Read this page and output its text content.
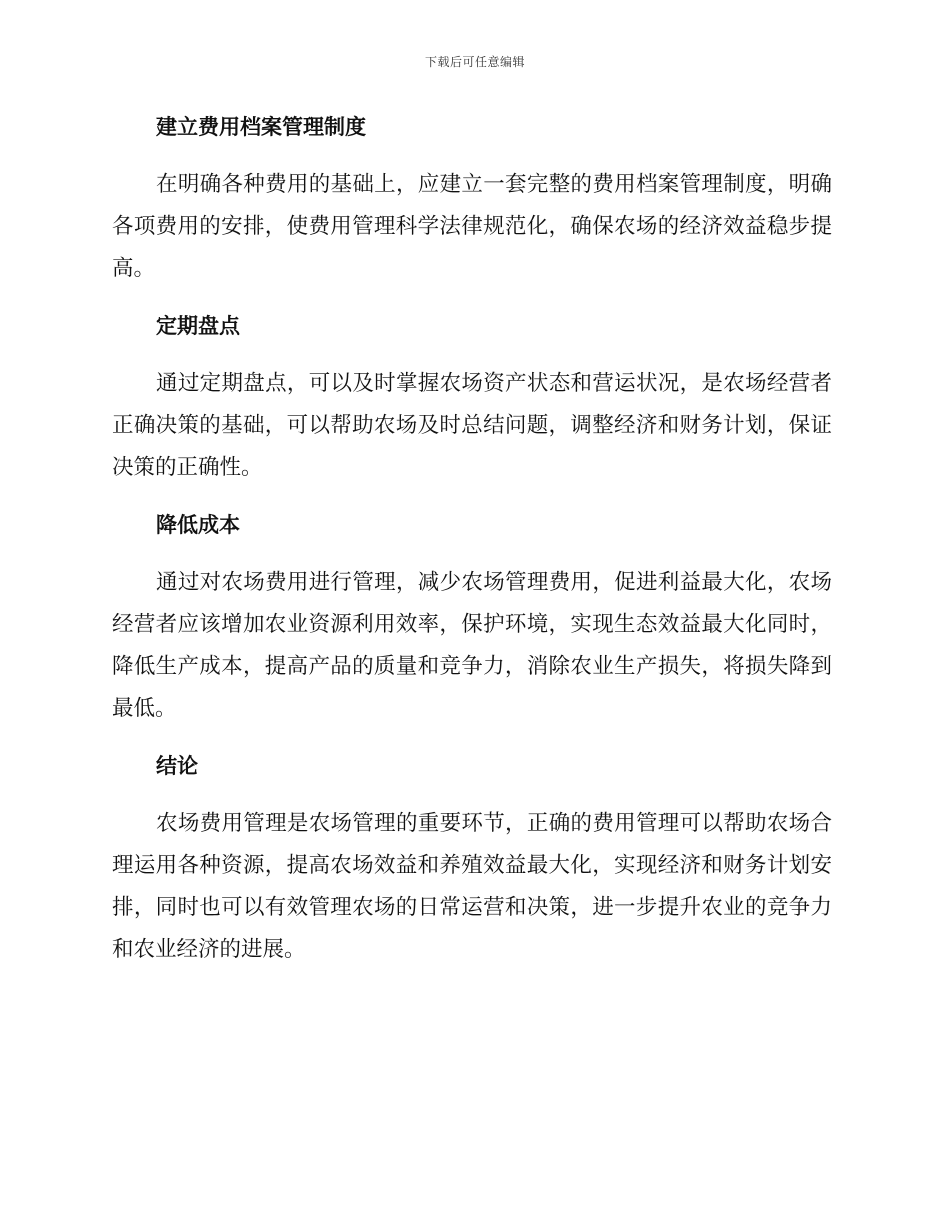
下载后可任意编辑
建立费用档案管理制度

在明确各种费用的基础上，应建立一套完整的费用档案管理制度，明确各项费用的安排，使费用管理科学法律规范化，确保农场的经济效益稳步提高。

定期盘点

通过定期盘点，可以及时掌握农场资产状态和营运状况，是农场经营者正确决策的基础，可以帮助农场及时总结问题，调整经济和财务计划，保证决策的正确性。

降低成本

通过对农场费用进行管理，减少农场管理费用，促进利益最大化，农场经营者应该增加农业资源利用效率，保护环境，实现生态效益最大化同时，降低生产成本，提高产品的质量和竞争力，消除农业生产损失，将损失降到最低。

结论

农场费用管理是农场管理的重要环节，正确的费用管理可以帮助农场合理运用各种资源，提高农场效益和养殖效益最大化，实现经济和财务计划安排，同时也可以有效管理农场的日常运营和决策，进一步提升农业的竞争力和农业经济的进展。
